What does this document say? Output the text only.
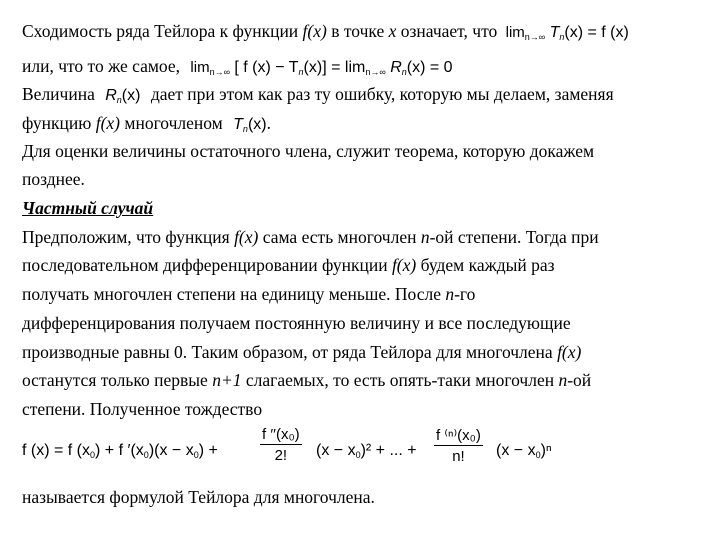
Сходимость ряда Тейлора к функции f(x) в точке x означает, что $\lim_{n\to\infty} T_n(x) = f$ (x)
или, что то же самое, $\lim_{n\to\infty}$ [ f $(x) - T_n(x)] = \lim_{n\to\infty} R_n(x) = 0$
Величина $R_n(x)$ дает при этом как раз ту ошибку, которую мы делаем, заменяя
функцию f(x) многочленом $T_n(x)$.
Для оценки величины остаточного члена, служит теорема, которую докажем
позднее.
Частный случай
Предположим, что функция f(x) сама есть многочлен n-ой степени. Тогда при
последовательном дифференцировании функции f(x) будем каждый раз
получать многочлен степени на единицу меньше. После n-го
дифференцирования получаем постоянную величину и все последующие
производные равны 0. Таким образом, от ряда Тейлора для многочлена f(x)
останутся только первые n+1 слагаемых, то есть опять-таки многочлен n-ой
степени. Полученное тождество
f (x) = f $(x_0) + f$ $'(x_0)(x - x_0)$ +	$\frac{\text{f ′′(x₀)}}{2!} (x - x_0)^2$ + ... + $\frac{\text{f ⁽ⁿ⁾(x₀)}}{n!} (x - x_0)^n$
называется формулой Тейлора для многочлена.
